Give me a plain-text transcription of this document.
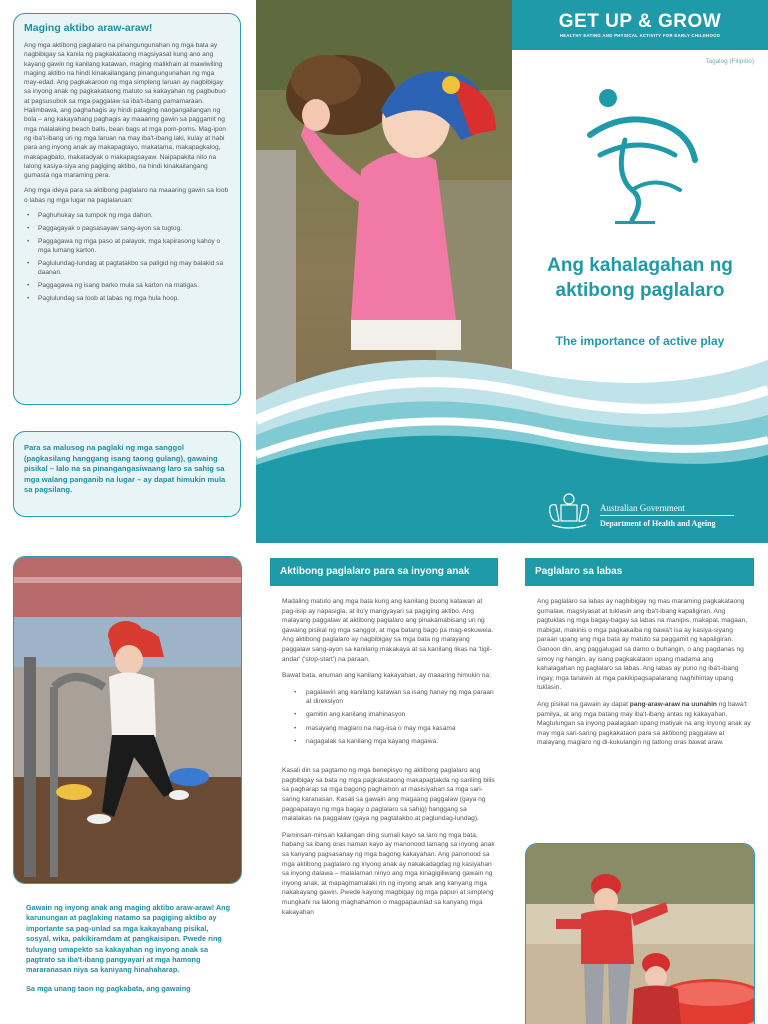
Maging aktibo araw-araw!

Ang mga aktibong paglalaro na pinangungunahan ng mga bata ay nagbibigay sa kanila ng pagkakataong magsiyasat kung ano ang kayang gawin ng kanilang katawan, maging malikhain at mawiwiling maging aktibo na hindi kinakailangang pinangungunahan ng mga may-edad. Ang pagkakaroon ng mga simpleng laruan ay nagbibigay sa inyong anak ng pagkakataong matuto sa kakayahan ng pagbubuo at pagsusubok sa mga paggalaw sa iba't-ibang pamamaraan. Halimbawa, ang paghahagis ay hindi palaging nangangailangan ng bola – ang kakayahang paghagis ay maaaring gawin sa paggamit ng mga malalaking beach balls, bean bags at mga pom-poms. Mag-ipon ng iba't-ibang uri ng mga laruan na may iba't-ibang laki, kulay at habi para ang inyong anak ay makapagtayo, makatama, makapagkalog, makapagbato, makatadyak o makapagsayaw. Naipapakita nito na lalong kasiya-siya ang pagiging aktibo, na hindi kinakailangang gumasta nga maraming pera.

Ang mga ideya para sa aktibong paglalaro na maaaring gawin sa loob o labas ng mga lugar na paglalaruan:

• Paghuhukay sa tumpok ng mga dahon.
• Paggagayak o pagsasayaw sang-ayon sa tugtog.
• Paggagawa ng mga paso at palayok, mga kapirasong kahoy o mga lumang karton.
• Paglulundag-lundag at pagtatakbo sa paligid ng may balakid sa daanan.
• Paggagawa ng isang barko mula sa karton na matigas.
• Paglulundag sa loob at labas ng mga hula hoop.

Para sa malusog na paglaki ng mga sanggol (pagkasilang hanggang isang taong gulang), gawaing pisikal – lalo na sa pinangangasiwaang laro sa sahig sa mga walang panganib na lugar – ay dapat himukin mula sa pagsilang.

GET UP & GROW
HEALTHY EATING AND PHYSICAL ACTIVITY FOR EARLY CHILDHOOD
Tagalog (Filipino)
Ang kahalagahan ng aktibong paglalaro
The importance of active play
Australian Government
Department of Health and Ageing

Gawain ng inyong anak ang maging aktibo araw-araw! Ang karunungan at paglaking natamo sa pagiging aktibo ay importante sa pag-unlad sa mga kakayahang pisikal, sosyal, wika, pakikiramdam at pangkaisipan. Pwede ring tuluyang umapekto sa kakayahan ng inyong anak sa pagtrato sa iba't-ibang pangyayari at mga hamong mararanasan niya sa kaniyang hinahaharap.

Sa mga unang taon ng pagkabata, ang gawaing

Aktibong paglalaro para sa inyong anak

Madaling matuto ang mga bata kung ang kanilang buong katawan at pag-iisip ay napasigla, at ito'y mangyayari sa pagiging aktibo. Ang malayang paggalaw at aktibong paglalaro ang pinakamabisang uri ng gawaing pisikal ng mga sanggol, at mga batang bago pa mag-eskuwela. Ang aktibong paglalaro ay nagbibigay sa mga bata ng malayang paggalaw sang-ayon sa kanilang makakaya at sa kanilang likas na 'tigil-andar' ('stop-start') na paraan.

Bawat bata, anuman ang kanilang kakayahan, ay maaaring himukin na:

• pagalawin ang kanilang katawan sa isang hanay ng mga paraan at direksiyon
• gamitin ang kanilang imahinasyon
• masayang maglaro na nag-iisa o may mga kasama
• nagagalak sa kanilang mga kayang magawa.

Kasali din sa pagtamo ng mga benepisyo ng aktibong paglalaro ang pagbibigay sa bata ng mga pagkakataong makapagtakda ng sariling bilis sa pagharap sa mga bagong paghamon at masisiyahan sa mga sari-saring karanasan. Kasali sa gawain ang magaang paggalaw (gaya ng pagpapatayo ng mga bagay o paglalaro sa sahig) hanggang sa malalakas na paggalaw (gaya ng pagtatakbo at paglundag-lundag).

Paminsan-minsan kailangan ding sumali kayo sa laro ng mga bata, habang sa ibang oras naman kayo ay manonood lamang sa inyong anak sa kanyang pagsasanay ng mga bagong kakayahan. Ang panonood sa mga aktibong paglalaro ng inyong anak ay nakakadagdag ng kasiyahan sa inyong dalawa – malalaman ninyo ang mga kinagigiliwang gawain ng inyong anak, at mapagmamalaki rin ng inyong anak ang kanyang mga nakakayang gawin. Pwede kayong magbigay ng mga papuri at simpleng mungkahi na lalong maghahamon o magpapaunlad sa kanyang mga kakayahan

Paglalaro sa labas

Ang paglalaro sa labas ay nagbibigay ng mas maraming pagkakataong gumalaw, magsiyasat at tuklasin ang iba't-ibang kapaligiran. Ang pagtuklas ng mga bagay-bagay sa labas na manipis, makapal, magaan, mabigat, makinis o mga pagkakaiba ng bawa't isa ay kasiya-siyang paraan upang ang mga bata ay matuto sa paggamit ng kapaligiran. Ganoon din, ang paggalugad sa damo o buhangin, o ang pagdanas ng simoy ng hangin, ay isang pagkakataon upang madama ang kahalagahan ng paglalaro sa labas. Ang labas ay puno ng iba't-ibang ingay, mga tanawin at mga pakikipagsapalarang naghihintay upang tuklasin.

Ang pisikal na gawain ay dapat pang-araw-araw na uunahin ng bawa't pamilya, at ang mga batang may iba't-ibang antas ng kakayahan. Magtulungan sa inyong paalagaan upang matiyak na ang inyong anak ay may mga sari-saring pagkakataon para sa aktibong paggalaw at malayang maglaro ng di-kukulangin ng tatlong oras bawat araw.
